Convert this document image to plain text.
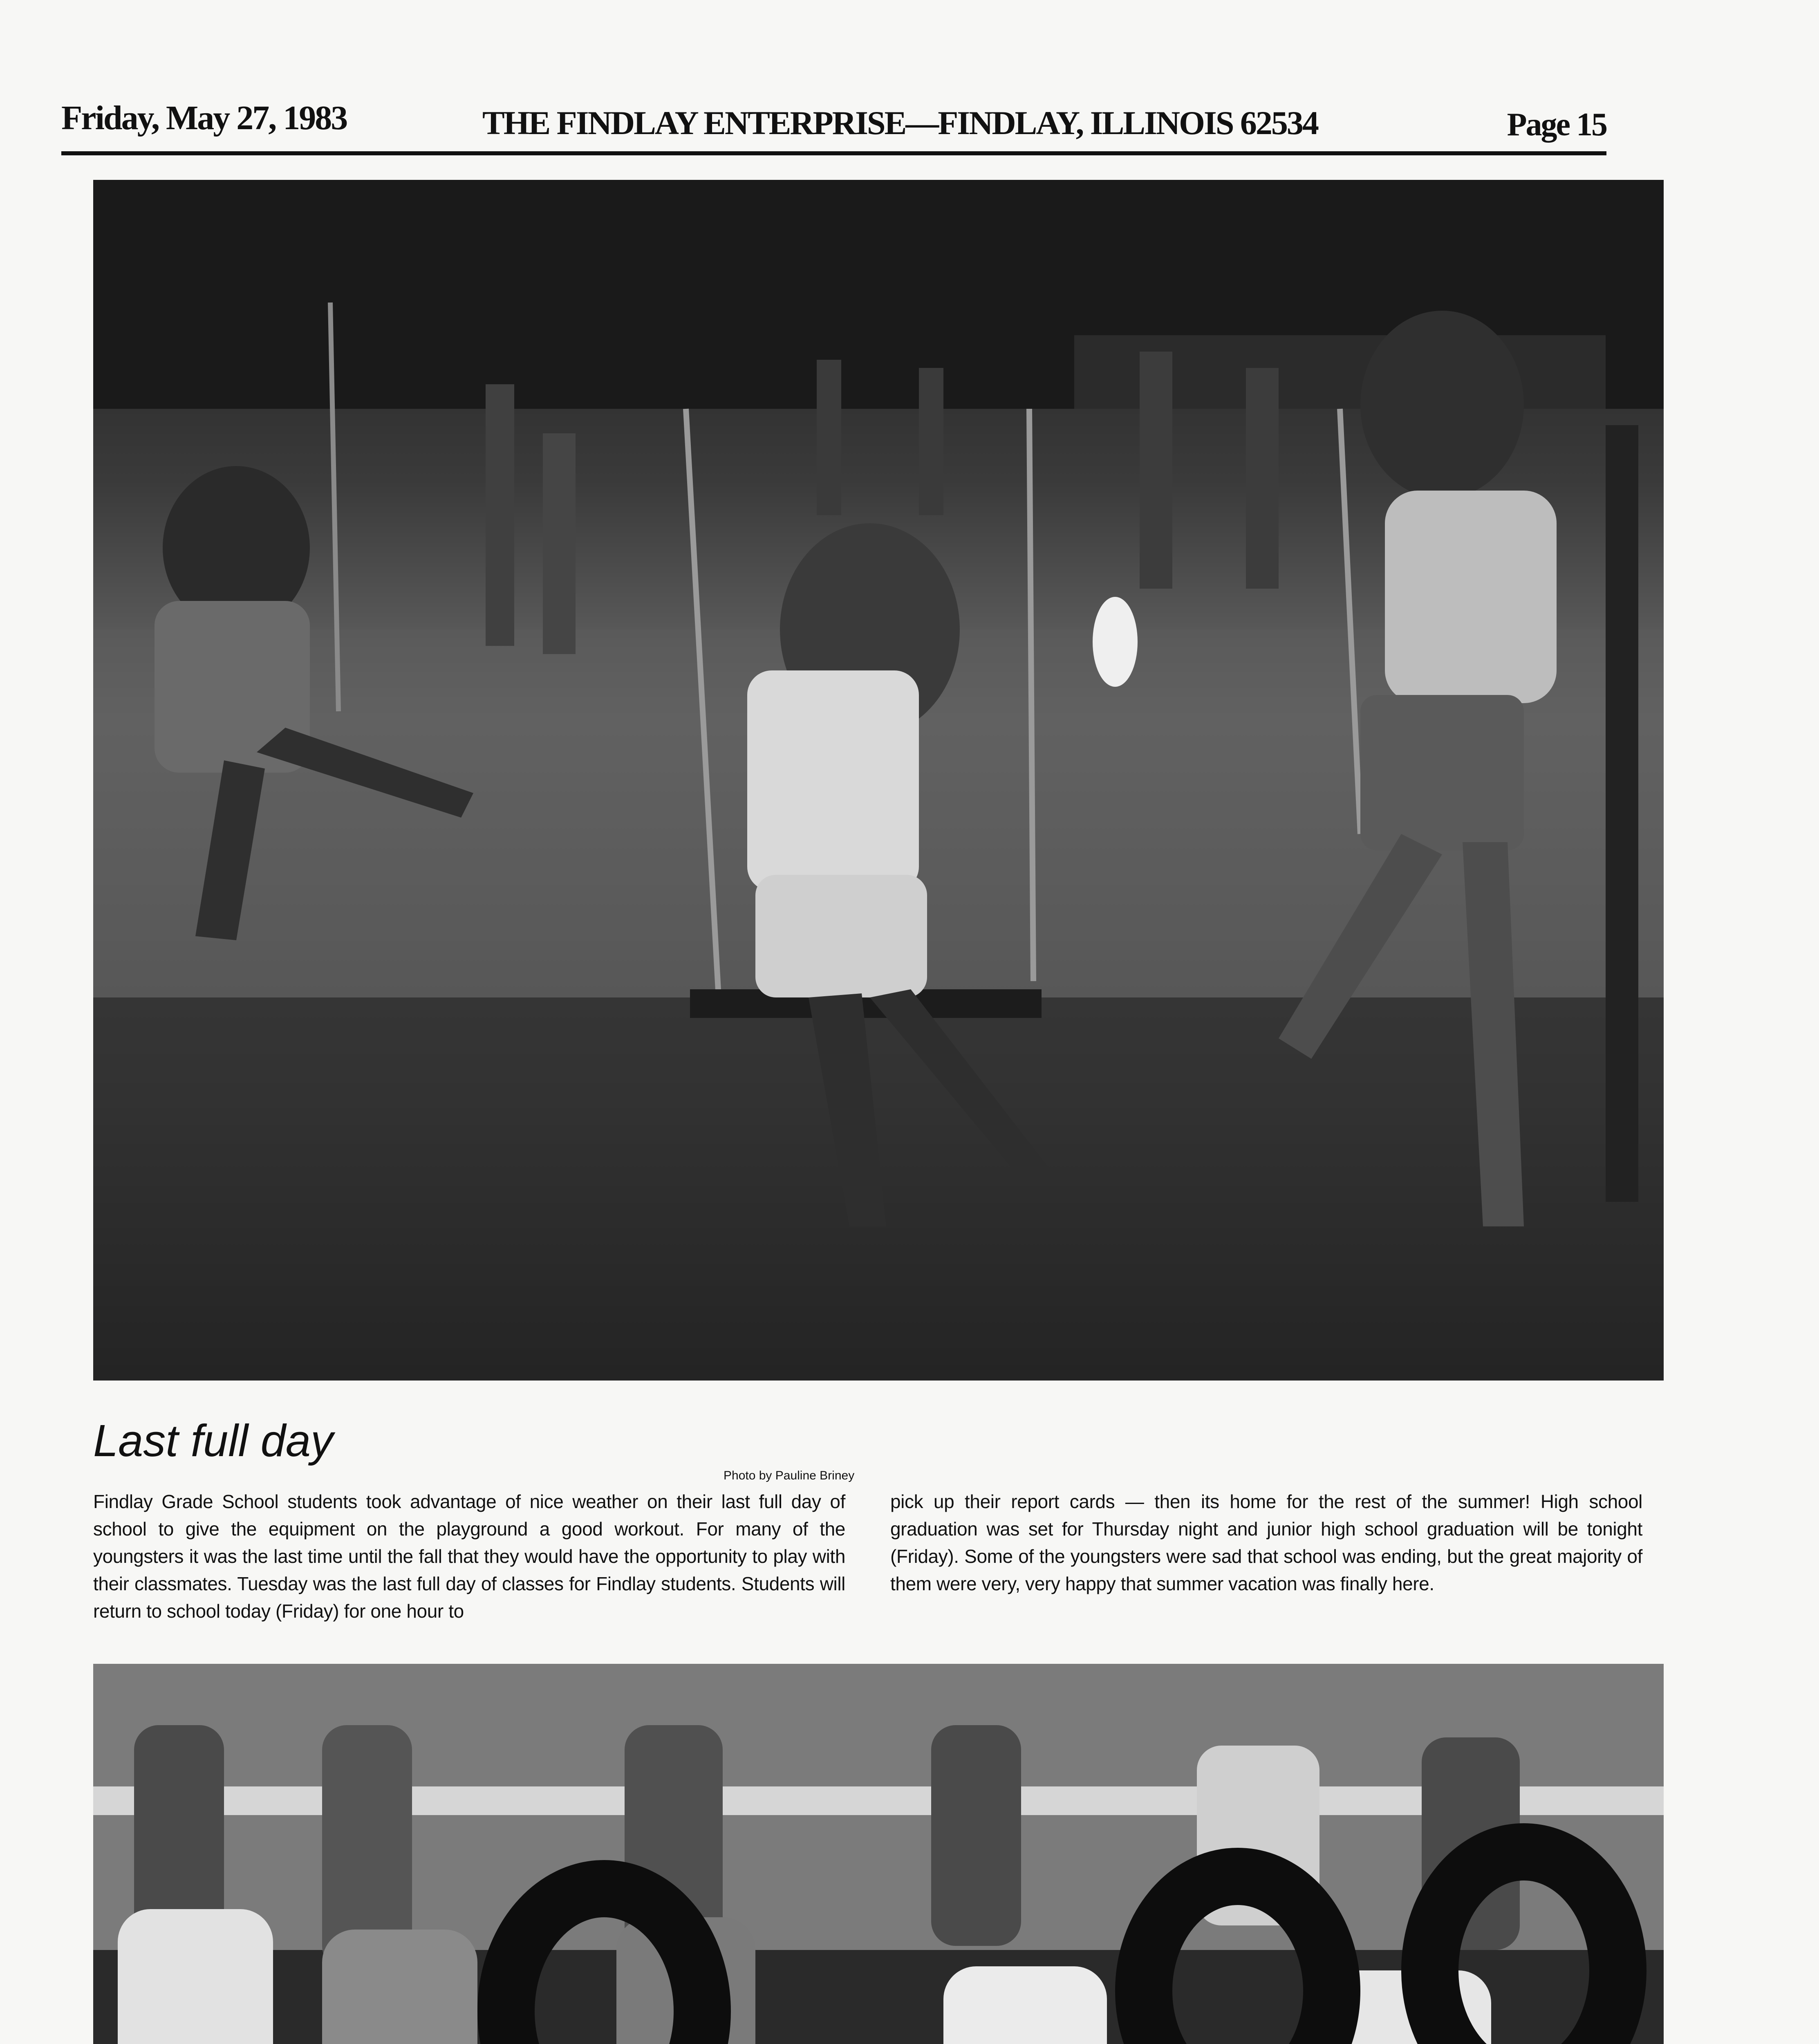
Friday, May 27, 1983	THE FINDLAY ENTERPRISE—FINDLAY, ILLINOIS 62534	Page 15
Last full day
Photo by Pauline Briney

Findlay Grade School students took advantage of nice weather on their last full day of school to give the equipment on the playground a good workout. For many of the youngsters it was the last time until the fall that they would have the opportunity to play with their classmates. Tuesday was the last full day of classes for Findlay students. Students will return to school today (Friday) for one hour to

pick up their report cards — then its home for the rest of the summer! High school graduation was set for Thursday night and junior high school graduation will be tonight (Friday). Some of the youngsters were sad that school was ending, but the great majority of them were very, very happy that summer vacation was finally here.
